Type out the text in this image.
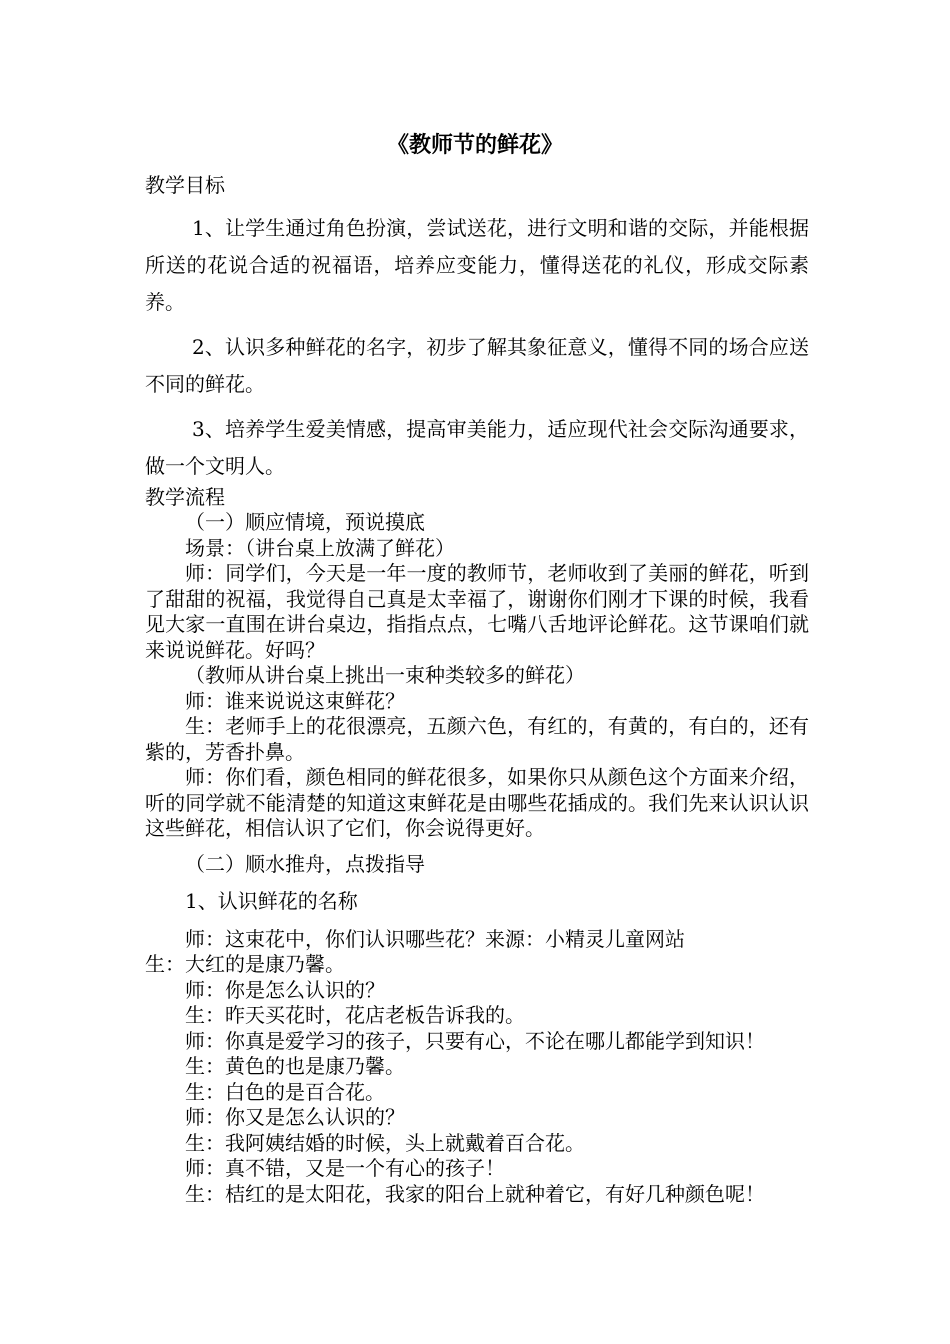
《教师节的鲜花》

教学目标

1、让学生通过角色扮演，尝试送花，进行文明和谐的交际，并能根据所送的花说合适的祝福语，培养应变能力，懂得送花的礼仪，形成交际素养。

2、认识多种鲜花的名字，初步了解其象征意义，懂得不同的场合应送不同的鲜花。

3、培养学生爱美情感，提高审美能力，适应现代社会交际沟通要求，做一个文明人。

教学流程

（一）顺应情境，预说摸底

场景：（讲台桌上放满了鲜花）

师：同学们，今天是一年一度的教师节，老师收到了美丽的鲜花，听到了甜甜的祝福，我觉得自己真是太幸福了，谢谢你们刚才下课的时候，我看见大家一直围在讲台桌边，指指点点，七嘴八舌地评论鲜花。这节课咱们就来说说鲜花。好吗？

（教师从讲台桌上挑出一束种类较多的鲜花）

师：谁来说说这束鲜花？

生：老师手上的花很漂亮，五颜六色，有红的，有黄的，有白的，还有紫的，芳香扑鼻。

师：你们看，颜色相同的鲜花很多，如果你只从颜色这个方面来介绍，听的同学就不能清楚的知道这束鲜花是由哪些花插成的。我们先来认识认识这些鲜花，相信认识了它们，你会说得更好。

（二）顺水推舟，点拨指导

1、认识鲜花的名称

师：这束花中，你们认识哪些花？来源：小精灵儿童网站

生：大红的是康乃馨。

师：你是怎么认识的？

生：昨天买花时，花店老板告诉我的。

师：你真是爱学习的孩子，只要有心，不论在哪儿都能学到知识！

生：黄色的也是康乃馨。

生：白色的是百合花。

师：你又是怎么认识的？

生：我阿姨结婚的时候，头上就戴着百合花。

师：真不错，又是一个有心的孩子！

生：桔红的是太阳花，我家的阳台上就种着它，有好几种颜色呢！
